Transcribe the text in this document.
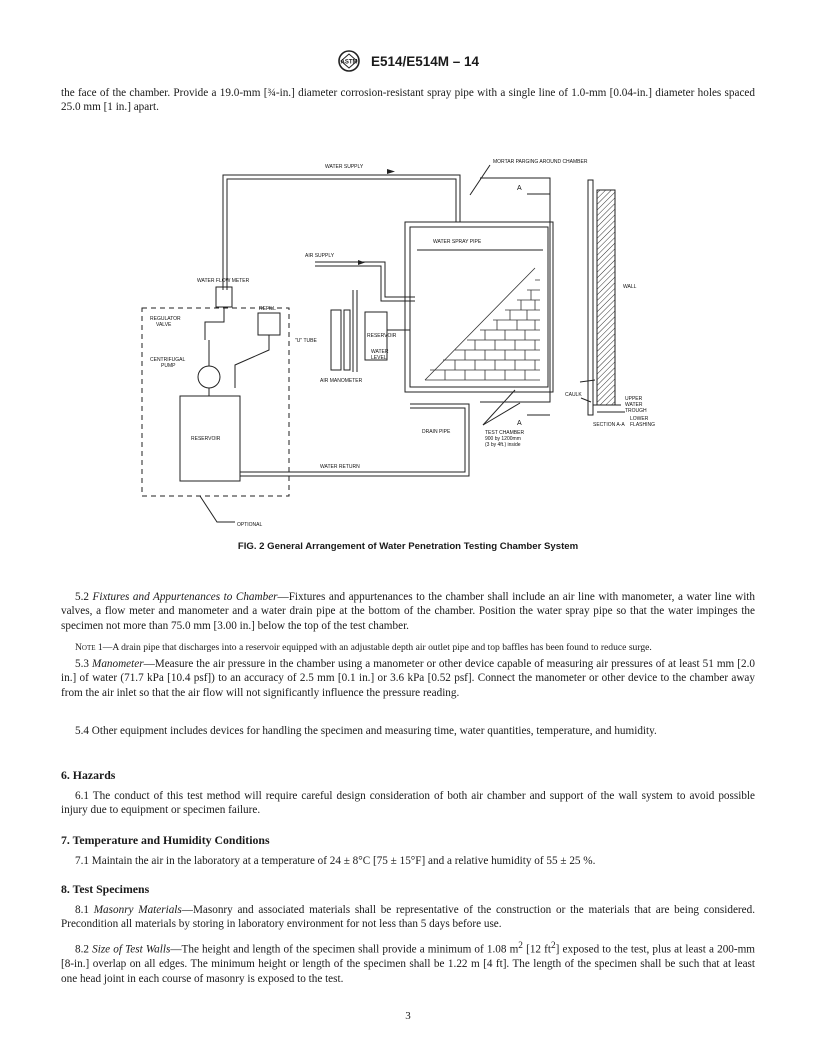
ASTM E514/E514M – 14

the face of the chamber. Provide a 19.0-mm [¾-in.] diameter corrosion-resistant spray pipe with a single line of 1.0-mm [0.04-in.] diameter holes spaced 25.0 mm [1 in.] apart.

WATER SUPPLY
MORTAR PARGING AROUND CHAMBER
A
WATER SPRAY PIPE
AIR SUPPLY
WATER FLOW METER
WALL
REGULATOR
VALVE
REFILL
"U" TUBE
RESERVOIR
WATER
LEVEL
CENTRIFUGAL
PUMP
AIR MANOMETER
UPPER
WATER
TROUGH
CAULK
LOWER
FLASHING
A	SECTION A-A
RESERVOIR
DRAIN PIPE	TEST CHAMBER
900 by 1200mm
(3 by 4ft.) inside
WATER RETURN
OPTIONAL
FIG. 2 General Arrangement of Water Penetration Testing Chamber System

5.2 Fixtures and Appurtenances to Chamber—Fixtures and appurtenances to the chamber shall include an air line with manometer, a water line with valves, a flow meter and manometer and a water drain pipe at the bottom of the chamber. Position the water spray pipe so that the water impinges the specimen not more than 75.0 mm [3.00 in.] below the top of the test chamber.

Note 1—A drain pipe that discharges into a reservoir equipped with an adjustable depth air outlet pipe and top baffles has been found to reduce surge.

5.3 Manometer—Measure the air pressure in the chamber using a manometer or other device capable of measuring air pressures of at least 51 mm [2.0 in.] of water (71.7 kPa [10.4 psf]) to an accuracy of 2.5 mm [0.1 in.] or 3.6 kPa [0.52 psf]. Connect the manometer or other device to the chamber away from the air inlet so that the air flow will not significantly influence the pressure reading.

5.4 Other equipment includes devices for handling the specimen and measuring time, water quantities, temperature, and humidity.

6. Hazards

6.1 The conduct of this test method will require careful design consideration of both air chamber and support of the wall system to avoid possible injury due to equipment or specimen failure.

7. Temperature and Humidity Conditions

7.1 Maintain the air in the laboratory at a temperature of 24 ± 8°C [75 ± 15°F] and a relative humidity of 55 ± 25 %.

8. Test Specimens

8.1 Masonry Materials—Masonry and associated materials shall be representative of the construction or the materials that are being considered. Precondition all materials by storing in laboratory environment for not less than 5 days before use.

8.2 Size of Test Walls—The height and length of the specimen shall provide a minimum of 1.08 $m^2$ [12 $ft^2$] exposed to the test, plus at least a 200-mm [8-in.] overlap on all edges. The minimum height or length of the specimen shall be 1.22 m [4 ft]. The length of the specimen shall be such that at least one head joint in each course of masonry is exposed to the test.

3
